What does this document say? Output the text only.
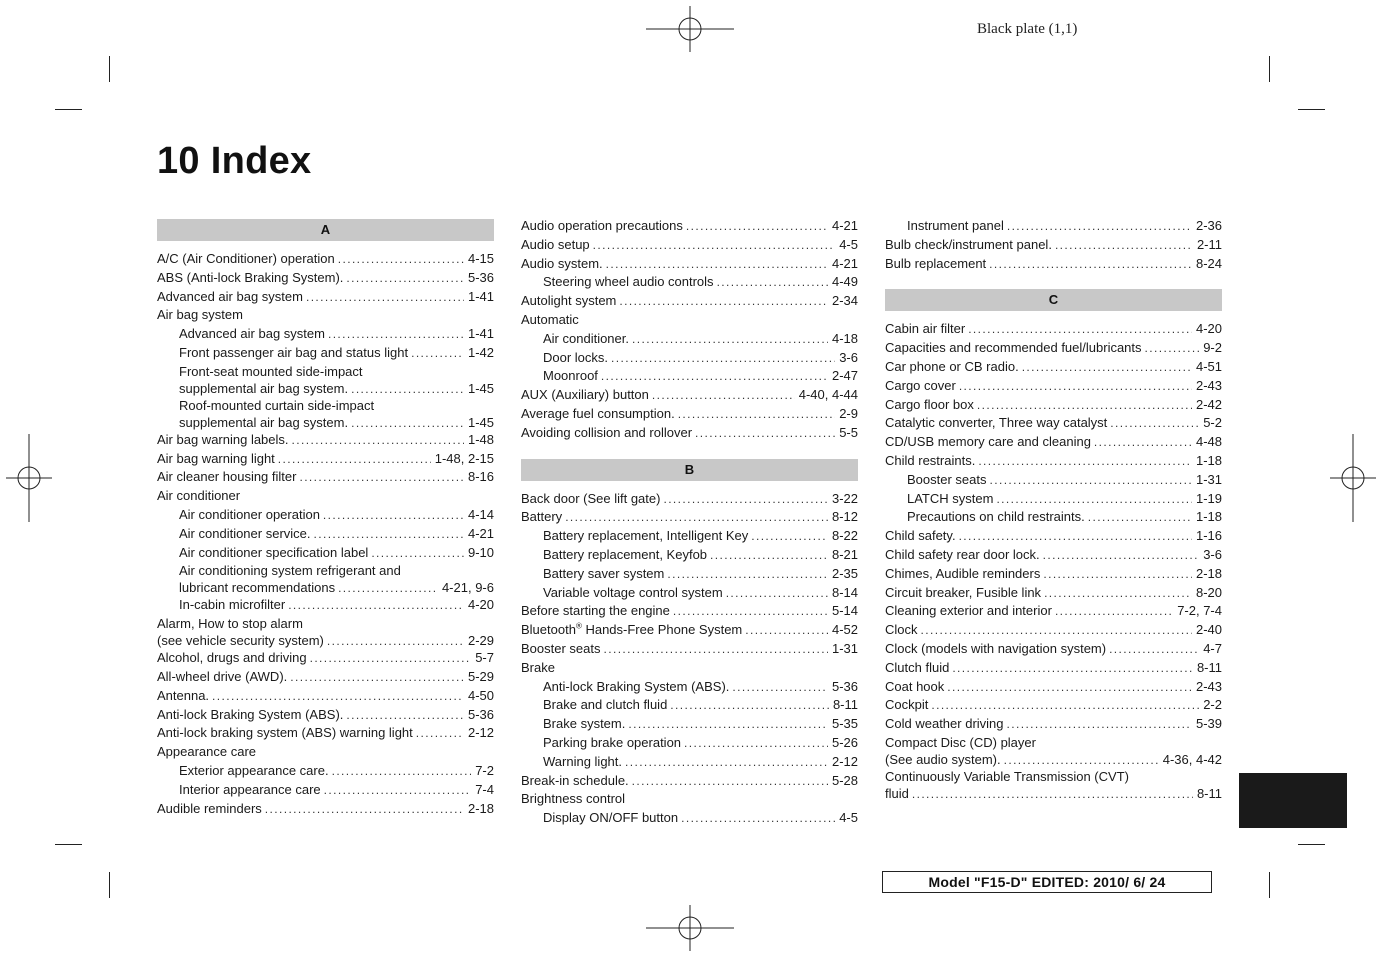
Black plate (1,1)
10 Index
A
A/C (Air Conditioner) operation .....	4-15
ABS (Anti-lock Braking System). .....	5-36
Advanced air bag system .....	1-41
Air bag system
Advanced air bag system .....	1-41
Front passenger air bag and status light .....	1-42
Front-seat mounted side-impact
supplemental air bag system. .....	1-45
Roof-mounted curtain side-impact
supplemental air bag system. .....	1-45
Air bag warning labels. .....	1-48
Air bag warning light .....	1-48, 2-15
Air cleaner housing filter .....	8-16
Air conditioner
Air conditioner operation .....	4-14
Air conditioner service. .....	4-21
Air conditioner specification label .....	9-10
Air conditioning system refrigerant and
lubricant recommendations .....	4-21, 9-6
In-cabin microfilter .....	4-20
Alarm, How to stop alarm
(see vehicle security system) .....	2-29
Alcohol, drugs and driving .....	5-7
All-wheel drive (AWD). .....	5-29
Antenna. .....	4-50
Anti-lock Braking System (ABS). .....	5-36
Anti-lock braking system (ABS) warning light .....	2-12
Appearance care
Exterior appearance care. .....	7-2
Interior appearance care .....	7-4
Audible reminders .....	2-18
Audio operation precautions .....	4-21
Audio setup .....	4-5
Audio system. .....	4-21
Steering wheel audio controls .....	4-49
Autolight system .....	2-34
Automatic
Air conditioner. .....	4-18
Door locks. .....	3-6
Moonroof .....	2-47
AUX (Auxiliary) button .....	4-40, 4-44
Average fuel consumption. .....	2-9
Avoiding collision and rollover .....	5-5
B
Back door (See lift gate) .....	3-22
Battery .....	8-12
Battery replacement, Intelligent Key .....	8-22
Battery replacement, Keyfob .....	8-21
Battery saver system .....	2-35
Variable voltage control system .....	8-14
Before starting the engine .....	5-14
Bluetooth® Hands-Free Phone System .....	4-52
Booster seats .....	1-31
Brake
Anti-lock Braking System (ABS). .....	5-36
Brake and clutch fluid .....	8-11
Brake system. .....	5-35
Parking brake operation .....	5-26
Warning light. .....	2-12
Break-in schedule. .....	5-28
Brightness control
Display ON/OFF button .....	4-5
Instrument panel .....	2-36
Bulb check/instrument panel. .....	2-11
Bulb replacement .....	8-24
C
Cabin air filter .....	4-20
Capacities and recommended fuel/lubricants .....	9-2
Car phone or CB radio. .....	4-51
Cargo cover .....	2-43
Cargo floor box .....	2-42
Catalytic converter, Three way catalyst .....	5-2
CD/USB memory care and cleaning .....	4-48
Child restraints. .....	1-18
Booster seats .....	1-31
LATCH system .....	1-19
Precautions on child restraints. .....	1-18
Child safety. .....	1-16
Child safety rear door lock. .....	3-6
Chimes, Audible reminders .....	2-18
Circuit breaker, Fusible link .....	8-20
Cleaning exterior and interior .....	7-2, 7-4
Clock .....	2-40
Clock (models with navigation system) .....	4-7
Clutch fluid .....	8-11
Coat hook .....	2-43
Cockpit .....	2-2
Cold weather driving .....	5-39
Compact Disc (CD) player
(See audio system). .....	4-36, 4-42
Continuously Variable Transmission (CVT)
fluid .....	8-11
Model "F15-D" EDITED: 2010/ 6/ 24
